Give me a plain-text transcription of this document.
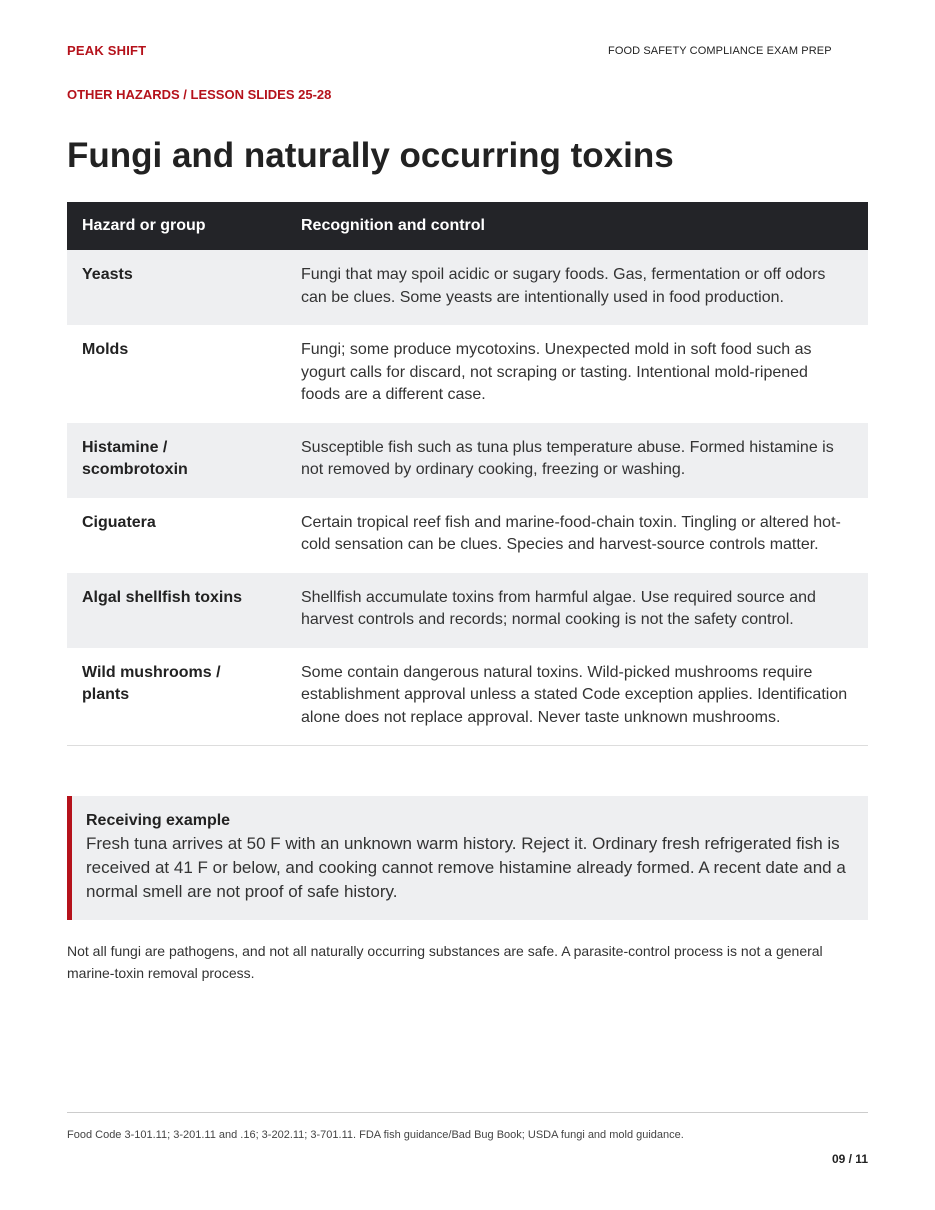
PEAK SHIFT	FOOD SAFETY COMPLIANCE EXAM PREP
OTHER HAZARDS / LESSON SLIDES 25-28
Fungi and naturally occurring toxins
Hazard or group	Recognition and control
Yeasts	Fungi that may spoil acidic or sugary foods. Gas, fermentation or off odors can be clues. Some yeasts are intentionally used in food production.
Molds	Fungi; some produce mycotoxins. Unexpected mold in soft food such as yogurt calls for discard, not scraping or tasting. Intentional mold-ripened foods are a different case.
Histamine / scombrotoxin	Susceptible fish such as tuna plus temperature abuse. Formed histamine is not removed by ordinary cooking, freezing or washing.
Ciguatera	Certain tropical reef fish and marine-food-chain toxin. Tingling or altered hot-cold sensation can be clues. Species and harvest-source controls matter.
Algal shellfish toxins	Shellfish accumulate toxins from harmful algae. Use required source and harvest controls and records; normal cooking is not the safety control.
Wild mushrooms / plants	Some contain dangerous natural toxins. Wild-picked mushrooms require establishment approval unless a stated Code exception applies. Identification alone does not replace approval. Never taste unknown mushrooms.
Receiving example
Fresh tuna arrives at 50 F with an unknown warm history. Reject it. Ordinary fresh refrigerated fish is received at 41 F or below, and cooking cannot remove histamine already formed. A recent date and a normal smell are not proof of safe history.
Not all fungi are pathogens, and not all naturally occurring substances are safe. A parasite-control process is not a general marine-toxin removal process.
Food Code 3-101.11; 3-201.11 and .16; 3-202.11; 3-701.11. FDA fish guidance/Bad Bug Book; USDA fungi and mold guidance.
09 / 11
